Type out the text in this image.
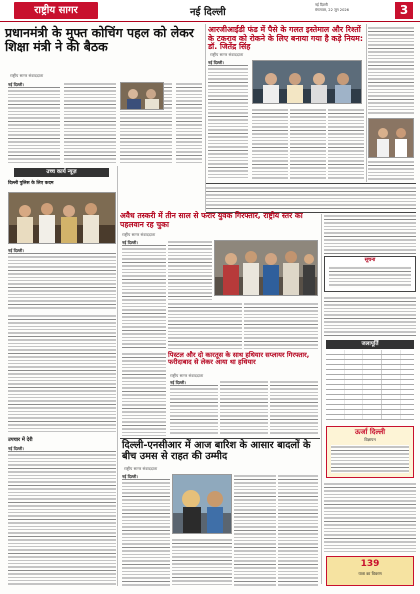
राष्ट्रीय सागर	नई दिल्ली
नई दिल्ली
मंगलवार, 22 जून 2026	3
प्रधानमंत्री के मुफ्त कोचिंग पहल को लेकर शिक्षा मंत्री ने की बैठक
राष्ट्रीय सागर संवाददाता
नई दिल्ली।
आरजीआईडी फंड में पैसे के गलत इस्तेमाल और रिश्तों के टकराव को रोकने के लिए बनाया गया है कड़े नियम: डॉ. जितेंद्र सिंह
राष्ट्रीय सागर संवाददाता
नई दिल्ली।
उच्च कार्य न्यूज़
दिल्ली पुलिस के लिए कदम
नई दिल्ली।
अवैध तस्करी में तीन साल से फरार युवक गिरफ्तार, राष्ट्रीय स्तर का पहलवान रह चुका
राष्ट्रीय सागर संवाददाता
नई दिल्ली।
सूचना
पिस्टल और दो कारतूस के साथ हथियार सप्लायर गिरफ्तार, फरीदाबाद से लेकर आया था हथियार
राष्ट्रीय सागर संवाददाता
नई दिल्ली।
जलापूर्ति
ऊर्जा दिल्ली
विज्ञापन
दिल्ली-एनसीआर में आज बारिश के आसार बादलों के बीच उमस से राहत की उम्मीद
राष्ट्रीय सागर संवाददाता
नई दिल्ली।
उपचार में देरी
नई दिल्ली।
139
यात्रा का विवरण
